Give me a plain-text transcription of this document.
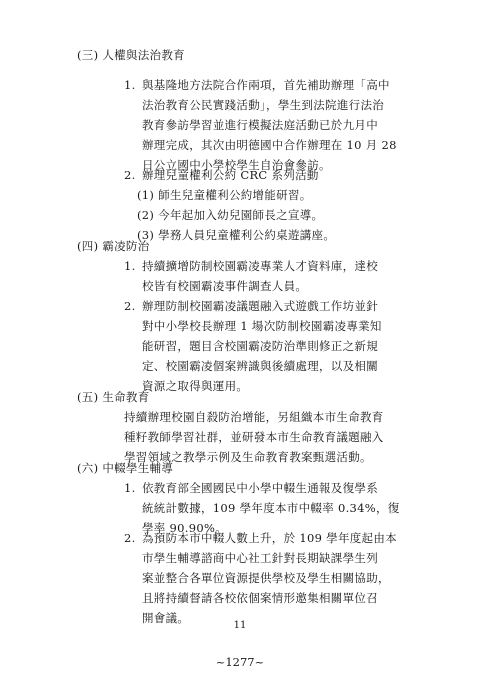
(三) 人權與法治教育
1. 與基隆地方法院合作兩項，首先補助辦理「高中
法治教育公民實踐活動」，學生到法院進行法治
教育參訪學習並進行模擬法庭活動已於九月中
辦理完成，其次由明德國中合作辦理在 10 月 28
日公立國中小學校學生自治會參訪。
2. 辦理兒童權利公約 CRC 系列活動
(1) 師生兒童權利公約增能研習。
(2) 今年起加入幼兒園師長之宣導。
(3) 學務人員兒童權利公約桌遊講座。
(四) 霸凌防治
1. 持續擴增防制校園霸凌專業人才資料庫，達校
校皆有校園霸凌事件調查人員。
2. 辦理防制校園霸凌議題融入式遊戲工作坊並針
對中小學校長辦理 1 場次防制校園霸凌專業知
能研習，題目含校園霸凌防治準則修正之新規
定、校園霸凌個案辨識與後續處理，以及相關
資源之取得與運用。
(五) 生命教育
持續辦理校園自殺防治增能，另組織本市生命教育
種籽教師學習社群，並研發本市生命教育議題融入
學習領域之教學示例及生命教育教案甄選活動。
(六) 中輟學生輔導
1. 依教育部全國國民中小學中輟生通報及復學系
統統計數據，109 學年度本市中輟率 0.34%，復
學率 90.90%。
2. 為預防本市中輟人數上升，於 109 學年度起由本
市學生輔導諮商中心社工針對長期缺課學生列
案並整合各單位資源提供學校及學生相關協助，
且將持續督請各校依個案情形邀集相關單位召
開會議。
11
~1277~
